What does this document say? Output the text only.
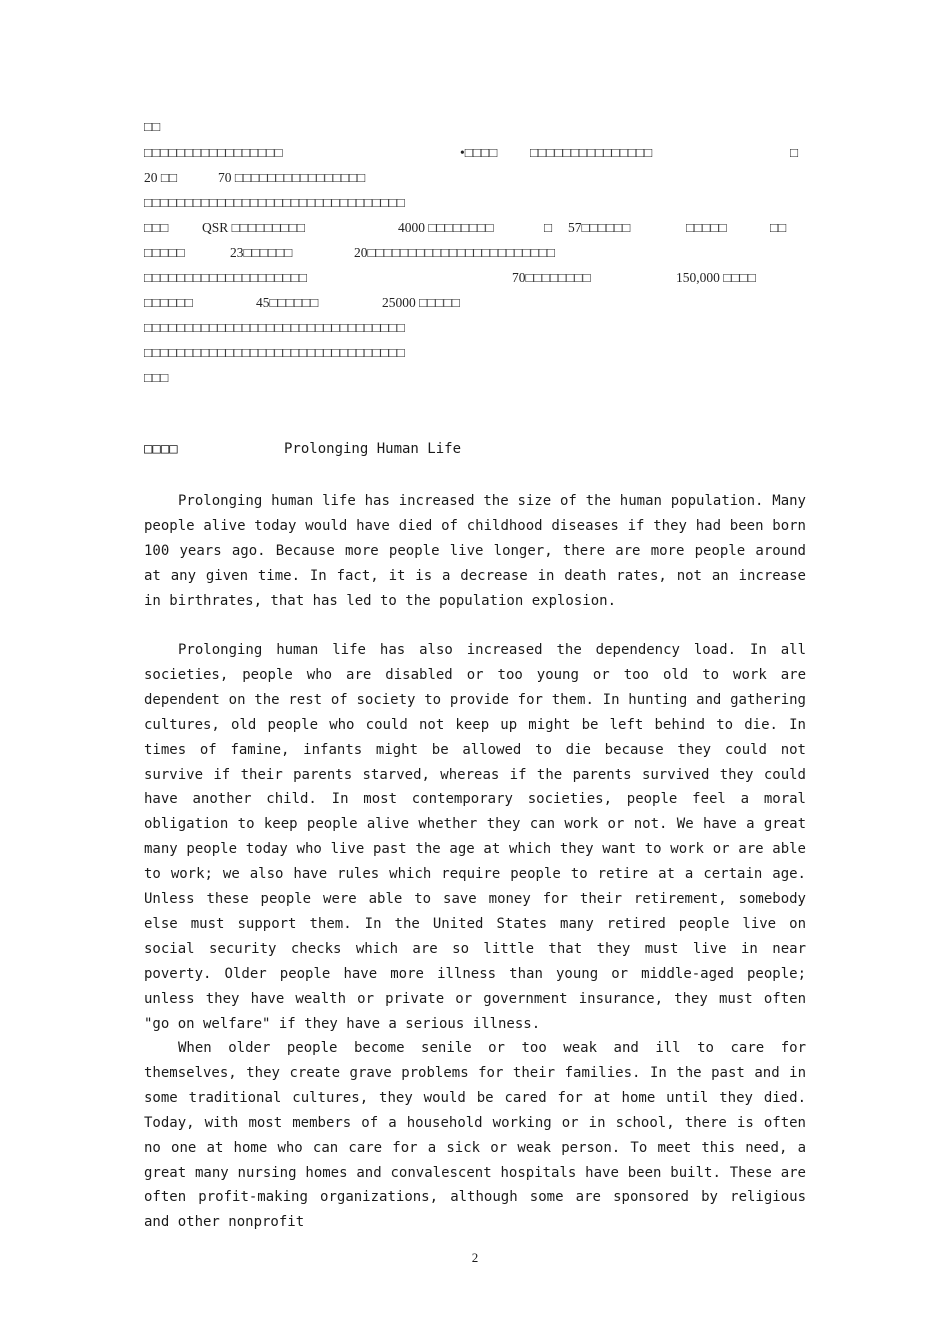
□□
□□□□□□□□□□□□□□□□□	•□□□□ □□□□□□□□□□□□□□□	□
20 □□	70 □□□□□□□□□□□□□□□□
□□□□□□□□□□□□□□□□□□□□□□□□□□□□□□□□
□□□ QSR □□□□□□□□□	4000 □□□□□□□□	□ 57□□□□□□	□□□□□	□□
□□□□□	23□□□□□□	20□□□□□□□□□□□□□□□□□□□□□□□
□□□□□□□□□□□□□□□□□□□□	70□□□□□□□□	150,000 □□□□
□□□□□□	45□□□□□□	25000 □□□□□
□□□□□□□□□□□□□□□□□□□□□□□□□□□□□□□□
□□□□□□□□□□□□□□□□□□□□□□□□□□□□□□□□
□□□
□□□□	Prolonging Human Life

Prolonging human life has increased the size of the human population. Many people alive today would have died of childhood diseases if they had been born 100 years ago. Because more people live longer, there are more people around at any given time. In fact, it is a decrease in death rates, not an increase in birthrates, that has led to the population explosion.

Prolonging human life has also increased the dependency load. In all societies, people who are disabled or too young or too old to work are dependent on the rest of society to provide for them. In hunting and gathering cultures, old people who could not keep up might be left behind to die. In times of famine, infants might be allowed to die because they could not survive if their parents starved, whereas if the parents survived they could have another child. In most contemporary societies, people feel a moral obligation to keep people alive whether they can work or not. We have a great many people today who live past the age at which they want to work or are able to work; we also have rules which require people to retire at a certain age. Unless these people were able to save money for their retirement, somebody else must support them. In the United States many retired people live on social security checks which are so little that they must live in near poverty. Older people have more illness than young or middle-aged people; unless they have wealth or private or government insurance, they must often "go on welfare" if they have a serious illness.

When older people become senile or too weak and ill to care for themselves, they create grave problems for their families. In the past and in some traditional cultures, they would be cared for at home until they died. Today, with most members of a household working or in school, there is often no one at home who can care for a sick or weak person. To meet this need, a great many nursing homes and convalescent hospitals have been built. These are often profit-making organizations, although some are sponsored by religious and other nonprofit

2
